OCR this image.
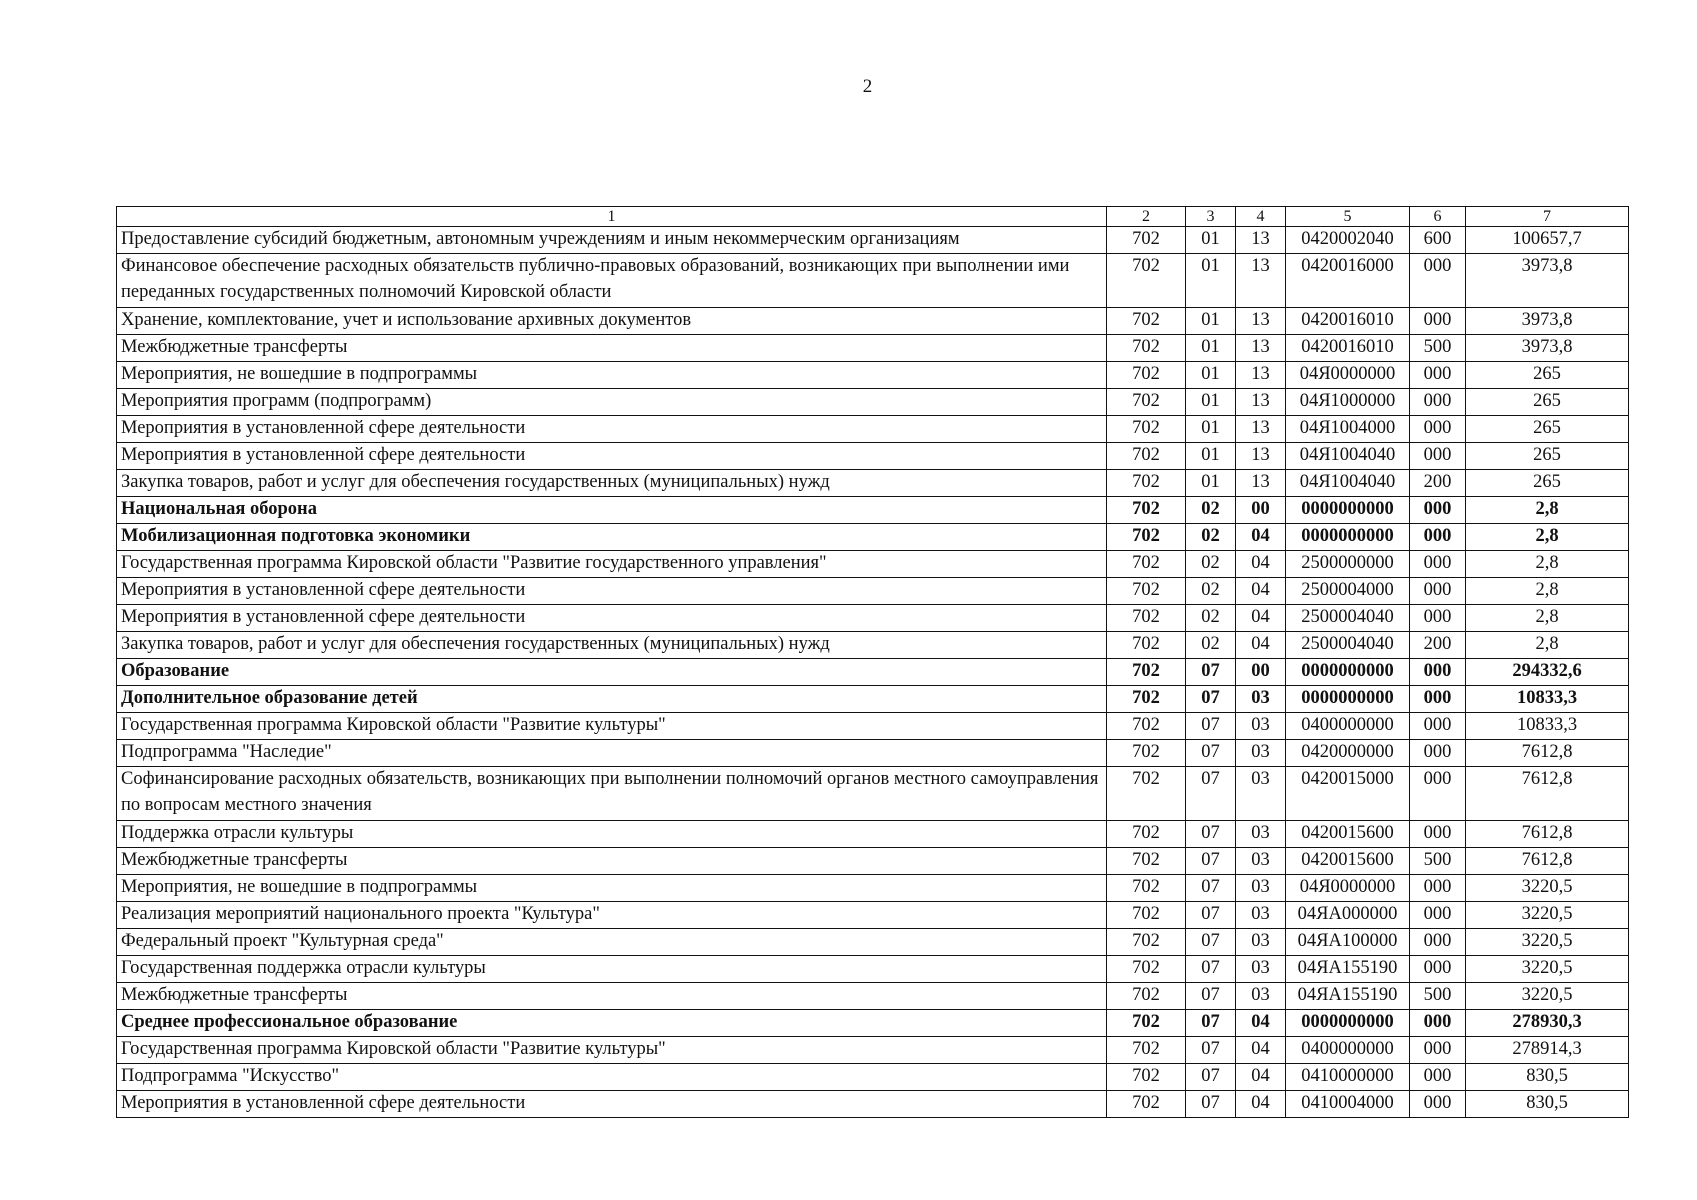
2
1	2	3	4	5	6	7
Предоставление субсидий бюджетным, автономным учреждениям и иным некоммерческим организациям	702	01	13	0420002040	600	100657,7
Финансовое обеспечение расходных обязательств публично-правовых образований, возникающих при выполнении ими переданных государственных полномочий Кировской области	702	01	13	0420016000	000	3973,8
Хранение, комплектование, учет и использование архивных документов	702	01	13	0420016010	000	3973,8
Межбюджетные трансферты	702	01	13	0420016010	500	3973,8
Мероприятия, не вошедшие в подпрограммы	702	01	13	04Я0000000	000	265
Мероприятия программ (подпрограмм)	702	01	13	04Я1000000	000	265
Мероприятия в установленной сфере деятельности	702	01	13	04Я1004000	000	265
Мероприятия в установленной сфере деятельности	702	01	13	04Я1004040	000	265
Закупка товаров, работ и услуг для обеспечения государственных (муниципальных) нужд	702	01	13	04Я1004040	200	265
Национальная оборона	702	02	00	0000000000	000	2,8
Мобилизационная подготовка экономики	702	02	04	0000000000	000	2,8
Государственная программа Кировской области "Развитие государственного управления"	702	02	04	2500000000	000	2,8
Мероприятия в установленной сфере деятельности	702	02	04	2500004000	000	2,8
Мероприятия в установленной сфере деятельности	702	02	04	2500004040	000	2,8
Закупка товаров, работ и услуг для обеспечения государственных (муниципальных) нужд	702	02	04	2500004040	200	2,8
Образование	702	07	00	0000000000	000	294332,6
Дополнительное образование детей	702	07	03	0000000000	000	10833,3
Государственная программа Кировской области "Развитие культуры"	702	07	03	0400000000	000	10833,3
Подпрограмма "Наследие"	702	07	03	0420000000	000	7612,8
Софинансирование расходных обязательств, возникающих при выполнении полномочий органов местного самоуправления по вопросам местного значения	702	07	03	0420015000	000	7612,8
Поддержка отрасли культуры	702	07	03	0420015600	000	7612,8
Межбюджетные трансферты	702	07	03	0420015600	500	7612,8
Мероприятия, не вошедшие в подпрограммы	702	07	03	04Я0000000	000	3220,5
Реализация мероприятий национального проекта "Культура"	702	07	03	04ЯА000000	000	3220,5
Федеральный проект "Культурная среда"	702	07	03	04ЯА100000	000	3220,5
Государственная поддержка отрасли культуры	702	07	03	04ЯА155190	000	3220,5
Межбюджетные трансферты	702	07	03	04ЯА155190	500	3220,5
Среднее профессиональное образование	702	07	04	0000000000	000	278930,3
Государственная программа Кировской области "Развитие культуры"	702	07	04	0400000000	000	278914,3
Подпрограмма "Искусство"	702	07	04	0410000000	000	830,5
Мероприятия в установленной сфере деятельности	702	07	04	0410004000	000	830,5
